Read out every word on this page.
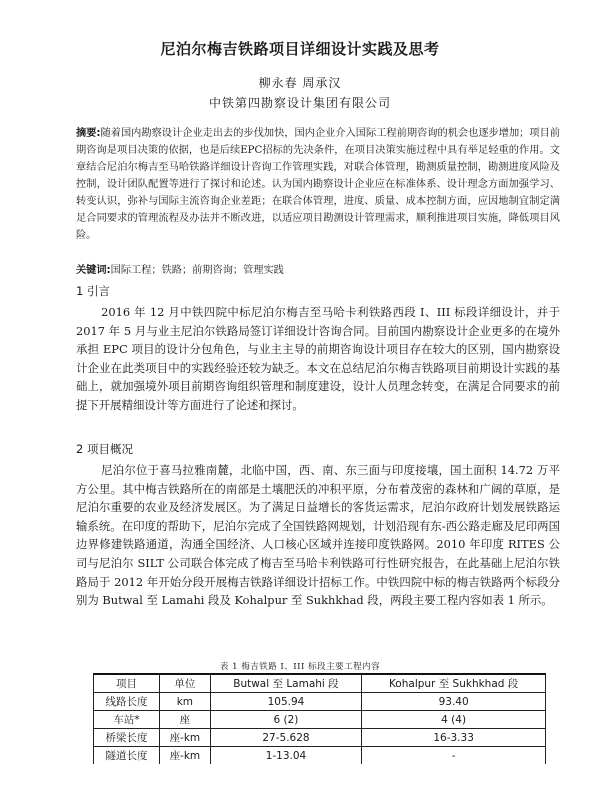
尼泊尔梅吉铁路项目详细设计实践及思考
柳永春 周承汉
中铁第四勘察设计集团有限公司
摘要:随着国内勘察设计企业走出去的步伐加快，国内企业介入国际工程前期咨询的机会也逐步增加；项目前期咨询是项目决策的依据，也是后续EPC招标的先决条件，在项目决策实施过程中具有举足轻重的作用。文章结合尼泊尔梅吉至马哈铁路详细设计咨询工作管理实践，对联合体管理，勘测质量控制，勘测进度风险及控制，设计团队配置等进行了探讨和论述。认为国内勘察设计企业应在标准体系、设计理念方面加强学习、转变认识，弥补与国际主流咨询企业差距；在联合体管理，进度、质量、成本控制方面，应因地制宜制定满足合同要求的管理流程及办法并不断改进，以适应项目勘测设计管理需求，顺利推进项目实施，降低项目风险。
关键词:国际工程；铁路；前期咨询；管理实践
1 引言
2016 年 12 月中铁四院中标尼泊尔梅吉至马哈卡利铁路西段 I、III 标段详细设计，并于 2017 年 5 月与业主尼泊尔铁路局签订详细设计咨询合同。目前国内勘察设计企业更多的在境外承担 EPC 项目的设计分包角色，与业主主导的前期咨询设计项目存在较大的区别，国内勘察设计企业在此类项目中的实践经验还较为缺乏。本文在总结尼泊尔梅吉铁路项目前期设计实践的基础上，就加强境外项目前期咨询组织管理和制度建设，设计人员理念转变，在满足合同要求的前提下开展精细设计等方面进行了论述和探讨。
2 项目概况
尼泊尔位于喜马拉雅南麓，北临中国，西、南、东三面与印度接壤，国土面积 14.72 万平方公里。其中梅吉铁路所在的南部是土壤肥沃的冲积平原，分布着茂密的森林和广阔的草原，是尼泊尔重要的农业及经济发展区。为了满足日益增长的客货运需求，尼泊尔政府计划发展铁路运输系统。在印度的帮助下，尼泊尔完成了全国铁路网规划，计划沿现有东-西公路走廊及尼印两国边界修建铁路通道，沟通全国经济、人口核心区域并连接印度铁路网。2010 年印度 RITES 公司与尼泊尔 SILT 公司联合体完成了梅吉至马哈卡利铁路可行性研究报告，在此基础上尼泊尔铁路局于 2012 年开始分段开展梅吉铁路详细设计招标工作。中铁四院中标的梅吉铁路两个标段分别为 Butwal 至 Lamahi 段及 Kohalpur 至 Sukhkhad 段，两段主要工程内容如表 1 所示。
表 1 梅吉铁路 I、III 标段主要工程内容
项目	单位	Butwal 至 Lamahi 段	Kohalpur 至 Sukhkhad 段
线路长度	km	105.94	93.40
车站*	座	6 (2)	4 (4)
桥梁长度	座-km	27-5.628	16-3.33
隧道长度	座-km	1-13.04	-
